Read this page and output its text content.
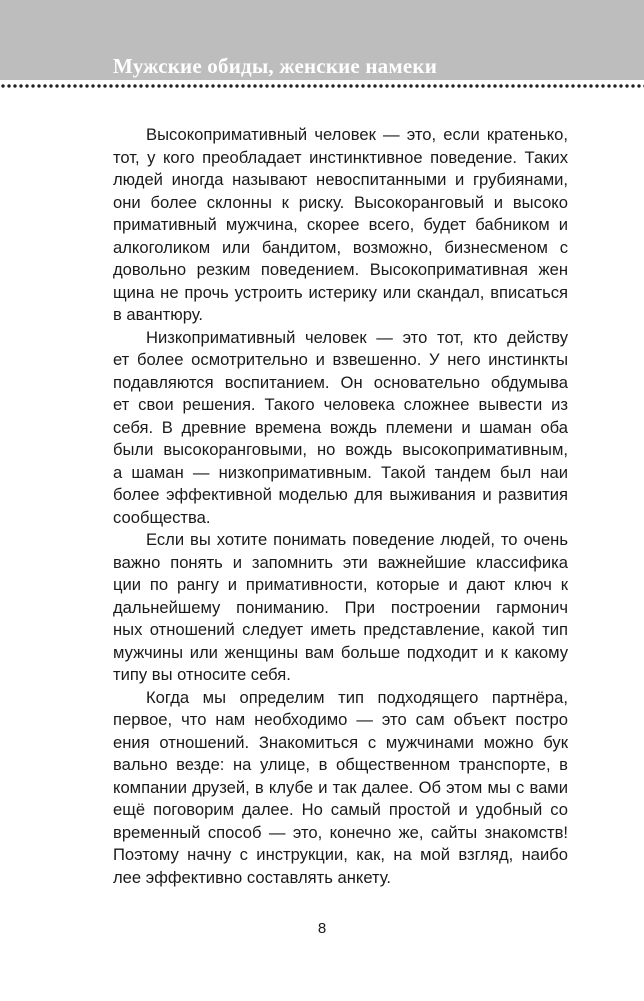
Мужские обиды, женские намеки
Высокопримативный человек — это, если кратенько,
тот, у кого преобладает инстинктивное поведение. Таких
людей иногда называют невоспитанными и грубиянами,
они более склонны к риску. Высокоранговый и высоко
примативный мужчина, скорее всего, будет бабником и
алкоголиком или бандитом, возможно, бизнесменом с
довольно резким поведением. Высокопримативная жен
щина не прочь устроить истерику или скандал, вписаться
в авантюру.
Низкопримативный человек — это тот, кто действу
ет более осмотрительно и взвешенно. У него инстинкты
подавляются воспитанием. Он основательно обдумыва
ет свои решения. Такого человека сложнее вывести из
себя. В древние времена вождь племени и шаман оба
были высокоранговыми, но вождь высокопримативным,
а шаман — низкопримативным. Такой тандем был наи
более эффективной моделью для выживания и развития
сообщества.
Если вы хотите понимать поведение людей, то очень
важно понять и запомнить эти важнейшие классифика
ции по рангу и примативности, которые и дают ключ к
дальнейшему пониманию. При построении гармонич
ных отношений следует иметь представление, какой тип
мужчины или женщины вам больше подходит и к какому
типу вы относите себя.
Когда мы определим тип подходящего партнёра,
первое, что нам необходимо — это сам объект постро
ения отношений. Знакомиться с мужчинами можно бук
вально везде: на улице, в общественном транспорте, в
компании друзей, в клубе и так далее. Об этом мы с вами
ещё поговорим далее. Но самый простой и удобный со
временный способ — это, конечно же, сайты знакомств!
Поэтому начну с инструкции, как, на мой взгляд, наибо
лее эффективно составлять анкету.
8
